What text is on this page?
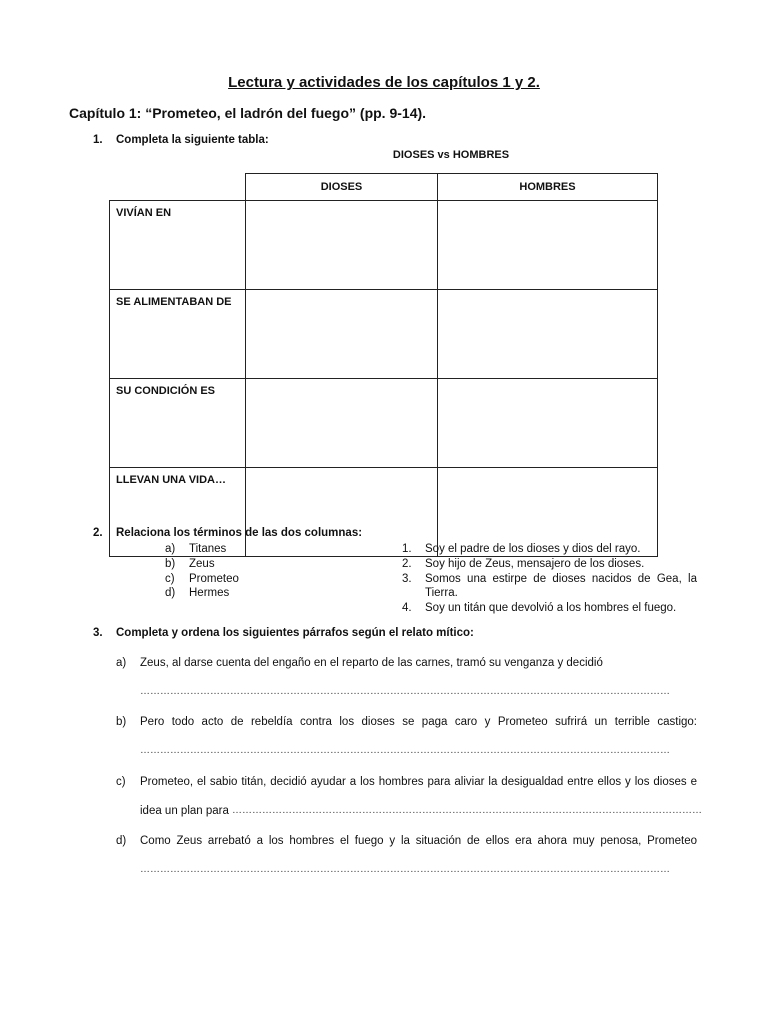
Lectura y actividades de los capítulos 1 y 2.
Capítulo 1: “Prometeo, el ladrón del fuego” (pp. 9-14).
1. Completa la siguiente tabla:
DIOSES vs HOMBRES
	DIOSES	HOMBRES
VIVÍAN EN		
SE ALIMENTABAN DE		
SU CONDICIÓN ES		
LLEVAN UNA VIDA…		
2. Relaciona los términos de las dos columnas:
a) Titanes
b) Zeus
c) Prometeo
d) Hermes
1. Soy el padre de los dioses y dios del rayo.
2. Soy hijo de Zeus, mensajero de los dioses.
3. Somos una estirpe de dioses nacidos de Gea, la
Tierra.
4. Soy un titán que devolvió a los hombres el fuego.
3. Completa y ordena los siguientes párrafos según el relato mítico:
a) Zeus, al darse cuenta del engaño en el reparto de las carnes, tramó su venganza y decidió
……………………………………………………………………………………………………………………………………………
b) Pero todo acto de rebeldía contra los dioses se paga caro y Prometeo sufrirá un terrible castigo:
……………………………………………………………………………………………………………………………………………
c) Prometeo, el sabio titán, decidió ayudar a los hombres para aliviar la desigualdad entre ellos y los dioses e
idea un plan para ……………………………………………………………………………………………………………………………
d) Como Zeus arrebató a los hombres el fuego y la situación de ellos era ahora muy penosa, Prometeo
……………………………………………………………………………………………………………………………………………
